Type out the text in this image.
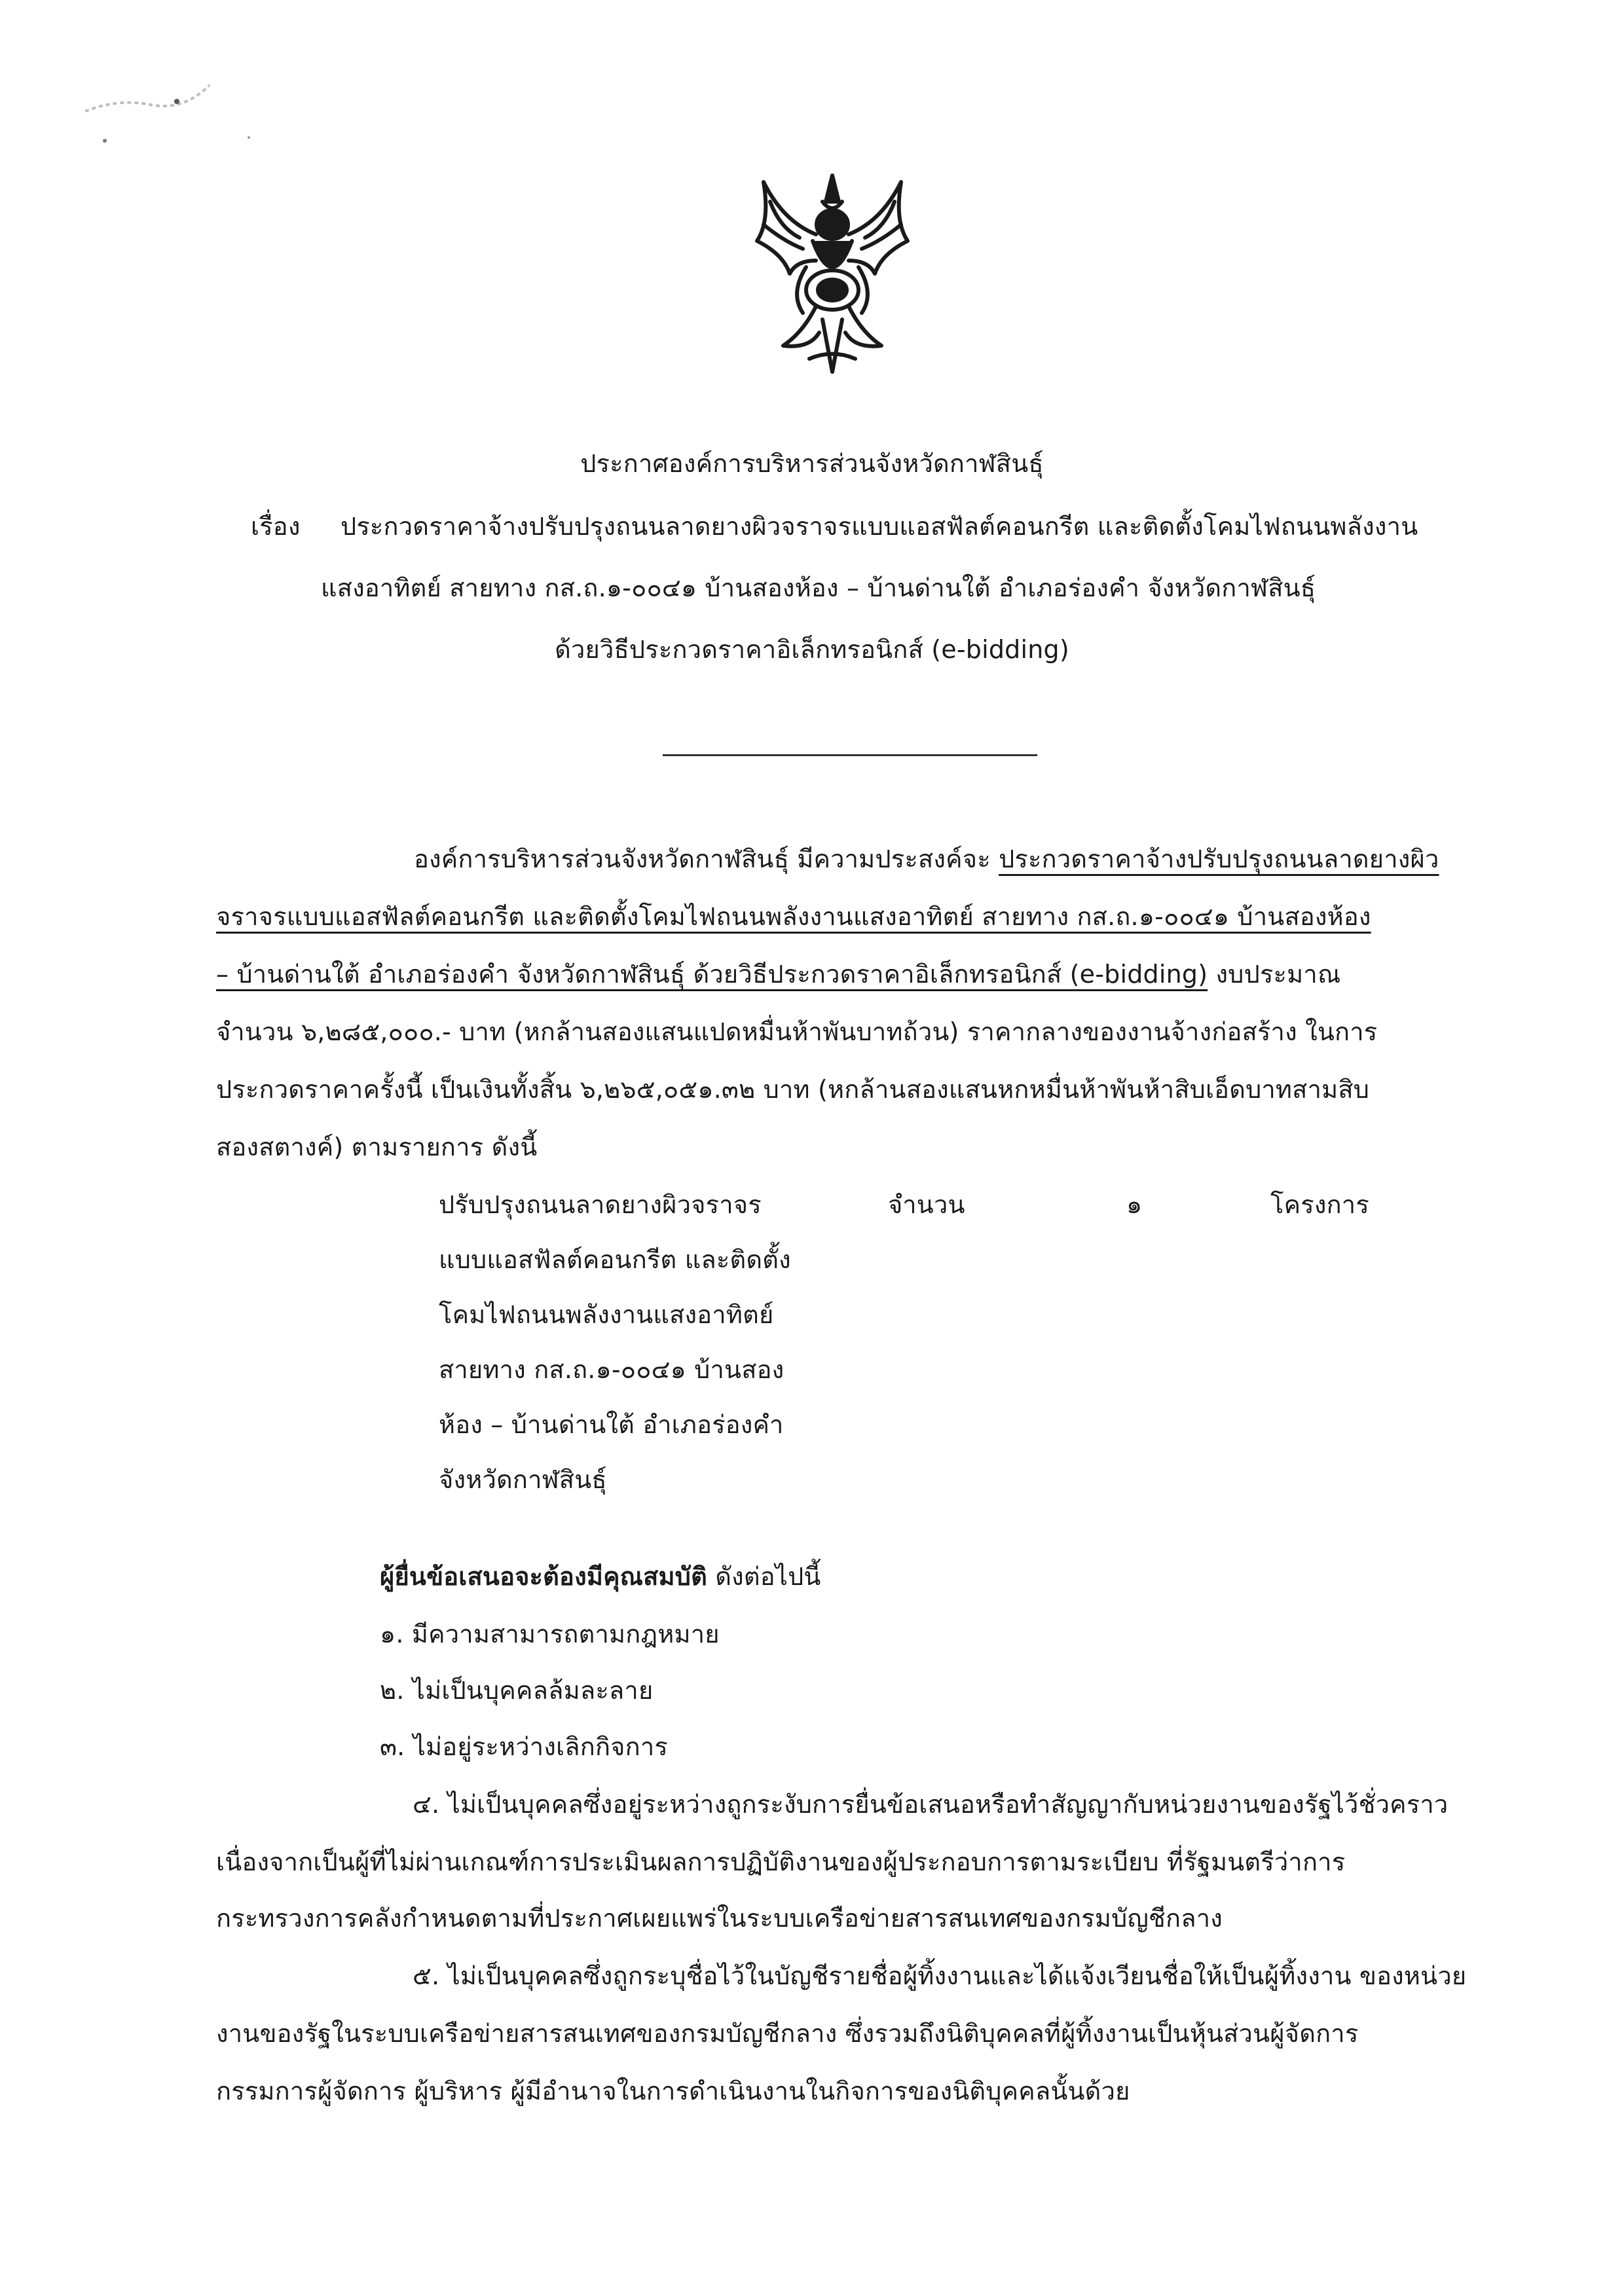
ประกาศองค์การบริหารส่วนจังหวัดกาฬสินธุ์
เรื่อง ประกวดราคาจ้างปรับปรุงถนนลาดยางผิวจราจรแบบแอสฟัลต์คอนกรีต และติดตั้งโคมไฟถนนพลังงาน
แสงอาทิตย์ สายทาง กส.ถ.๑-๐๐๔๑ บ้านสองห้อง – บ้านด่านใต้ อำเภอร่องคำ จังหวัดกาฬสินธุ์
ด้วยวิธีประกวดราคาอิเล็กทรอนิกส์ (e-bidding)
องค์การบริหารส่วนจังหวัดกาฬสินธุ์ มีความประสงค์จะ ประกวดราคาจ้างปรับปรุงถนนลาดยางผิว
จราจรแบบแอสฟัลต์คอนกรีต และติดตั้งโคมไฟถนนพลังงานแสงอาทิตย์ สายทาง กส.ถ.๑-๐๐๔๑ บ้านสองห้อง
– บ้านด่านใต้ อำเภอร่องคำ จังหวัดกาฬสินธุ์ ด้วยวิธีประกวดราคาอิเล็กทรอนิกส์ (e-bidding) งบประมาณ
จำนวน ๖,๒๘๕,๐๐๐.- บาท (หกล้านสองแสนแปดหมื่นห้าพันบาทถ้วน) ราคากลางของงานจ้างก่อสร้าง ในการ
ประกวดราคาครั้งนี้ เป็นเงินทั้งสิ้น ๖,๒๖๕,๐๕๑.๓๒ บาท (หกล้านสองแสนหกหมื่นห้าพันห้าสิบเอ็ดบาทสามสิบ
สองสตางค์) ตามรายการ ดังนี้
ปรับปรุงถนนลาดยางผิวจราจร
แบบแอสฟัลต์คอนกรีต และติดตั้ง
โคมไฟถนนพลังงานแสงอาทิตย์
สายทาง กส.ถ.๑-๐๐๔๑ บ้านสอง
ห้อง – บ้านด่านใต้ อำเภอร่องคำ
จังหวัดกาฬสินธุ์
จำนวน	๑	โครงการ
ผู้ยื่นข้อเสนอจะต้องมีคุณสมบัติ ดังต่อไปนี้
๑. มีความสามารถตามกฎหมาย
๒. ไม่เป็นบุคคลล้มละลาย
๓. ไม่อยู่ระหว่างเลิกกิจการ
๔. ไม่เป็นบุคคลซึ่งอยู่ระหว่างถูกระงับการยื่นข้อเสนอหรือทำสัญญากับหน่วยงานของรัฐไว้ชั่วคราว
เนื่องจากเป็นผู้ที่ไม่ผ่านเกณฑ์การประเมินผลการปฏิบัติงานของผู้ประกอบการตามระเบียบ ที่รัฐมนตรีว่าการ
กระทรวงการคลังกำหนดตามที่ประกาศเผยแพร่ในระบบเครือข่ายสารสนเทศของกรมบัญชีกลาง
๕. ไม่เป็นบุคคลซึ่งถูกระบุชื่อไว้ในบัญชีรายชื่อผู้ทิ้งงานและได้แจ้งเวียนชื่อให้เป็นผู้ทิ้งงาน ของหน่วย
งานของรัฐในระบบเครือข่ายสารสนเทศของกรมบัญชีกลาง ซึ่งรวมถึงนิติบุคคลที่ผู้ทิ้งงานเป็นหุ้นส่วนผู้จัดการ
กรรมการผู้จัดการ ผู้บริหาร ผู้มีอำนาจในการดำเนินงานในกิจการของนิติบุคคลนั้นด้วย
